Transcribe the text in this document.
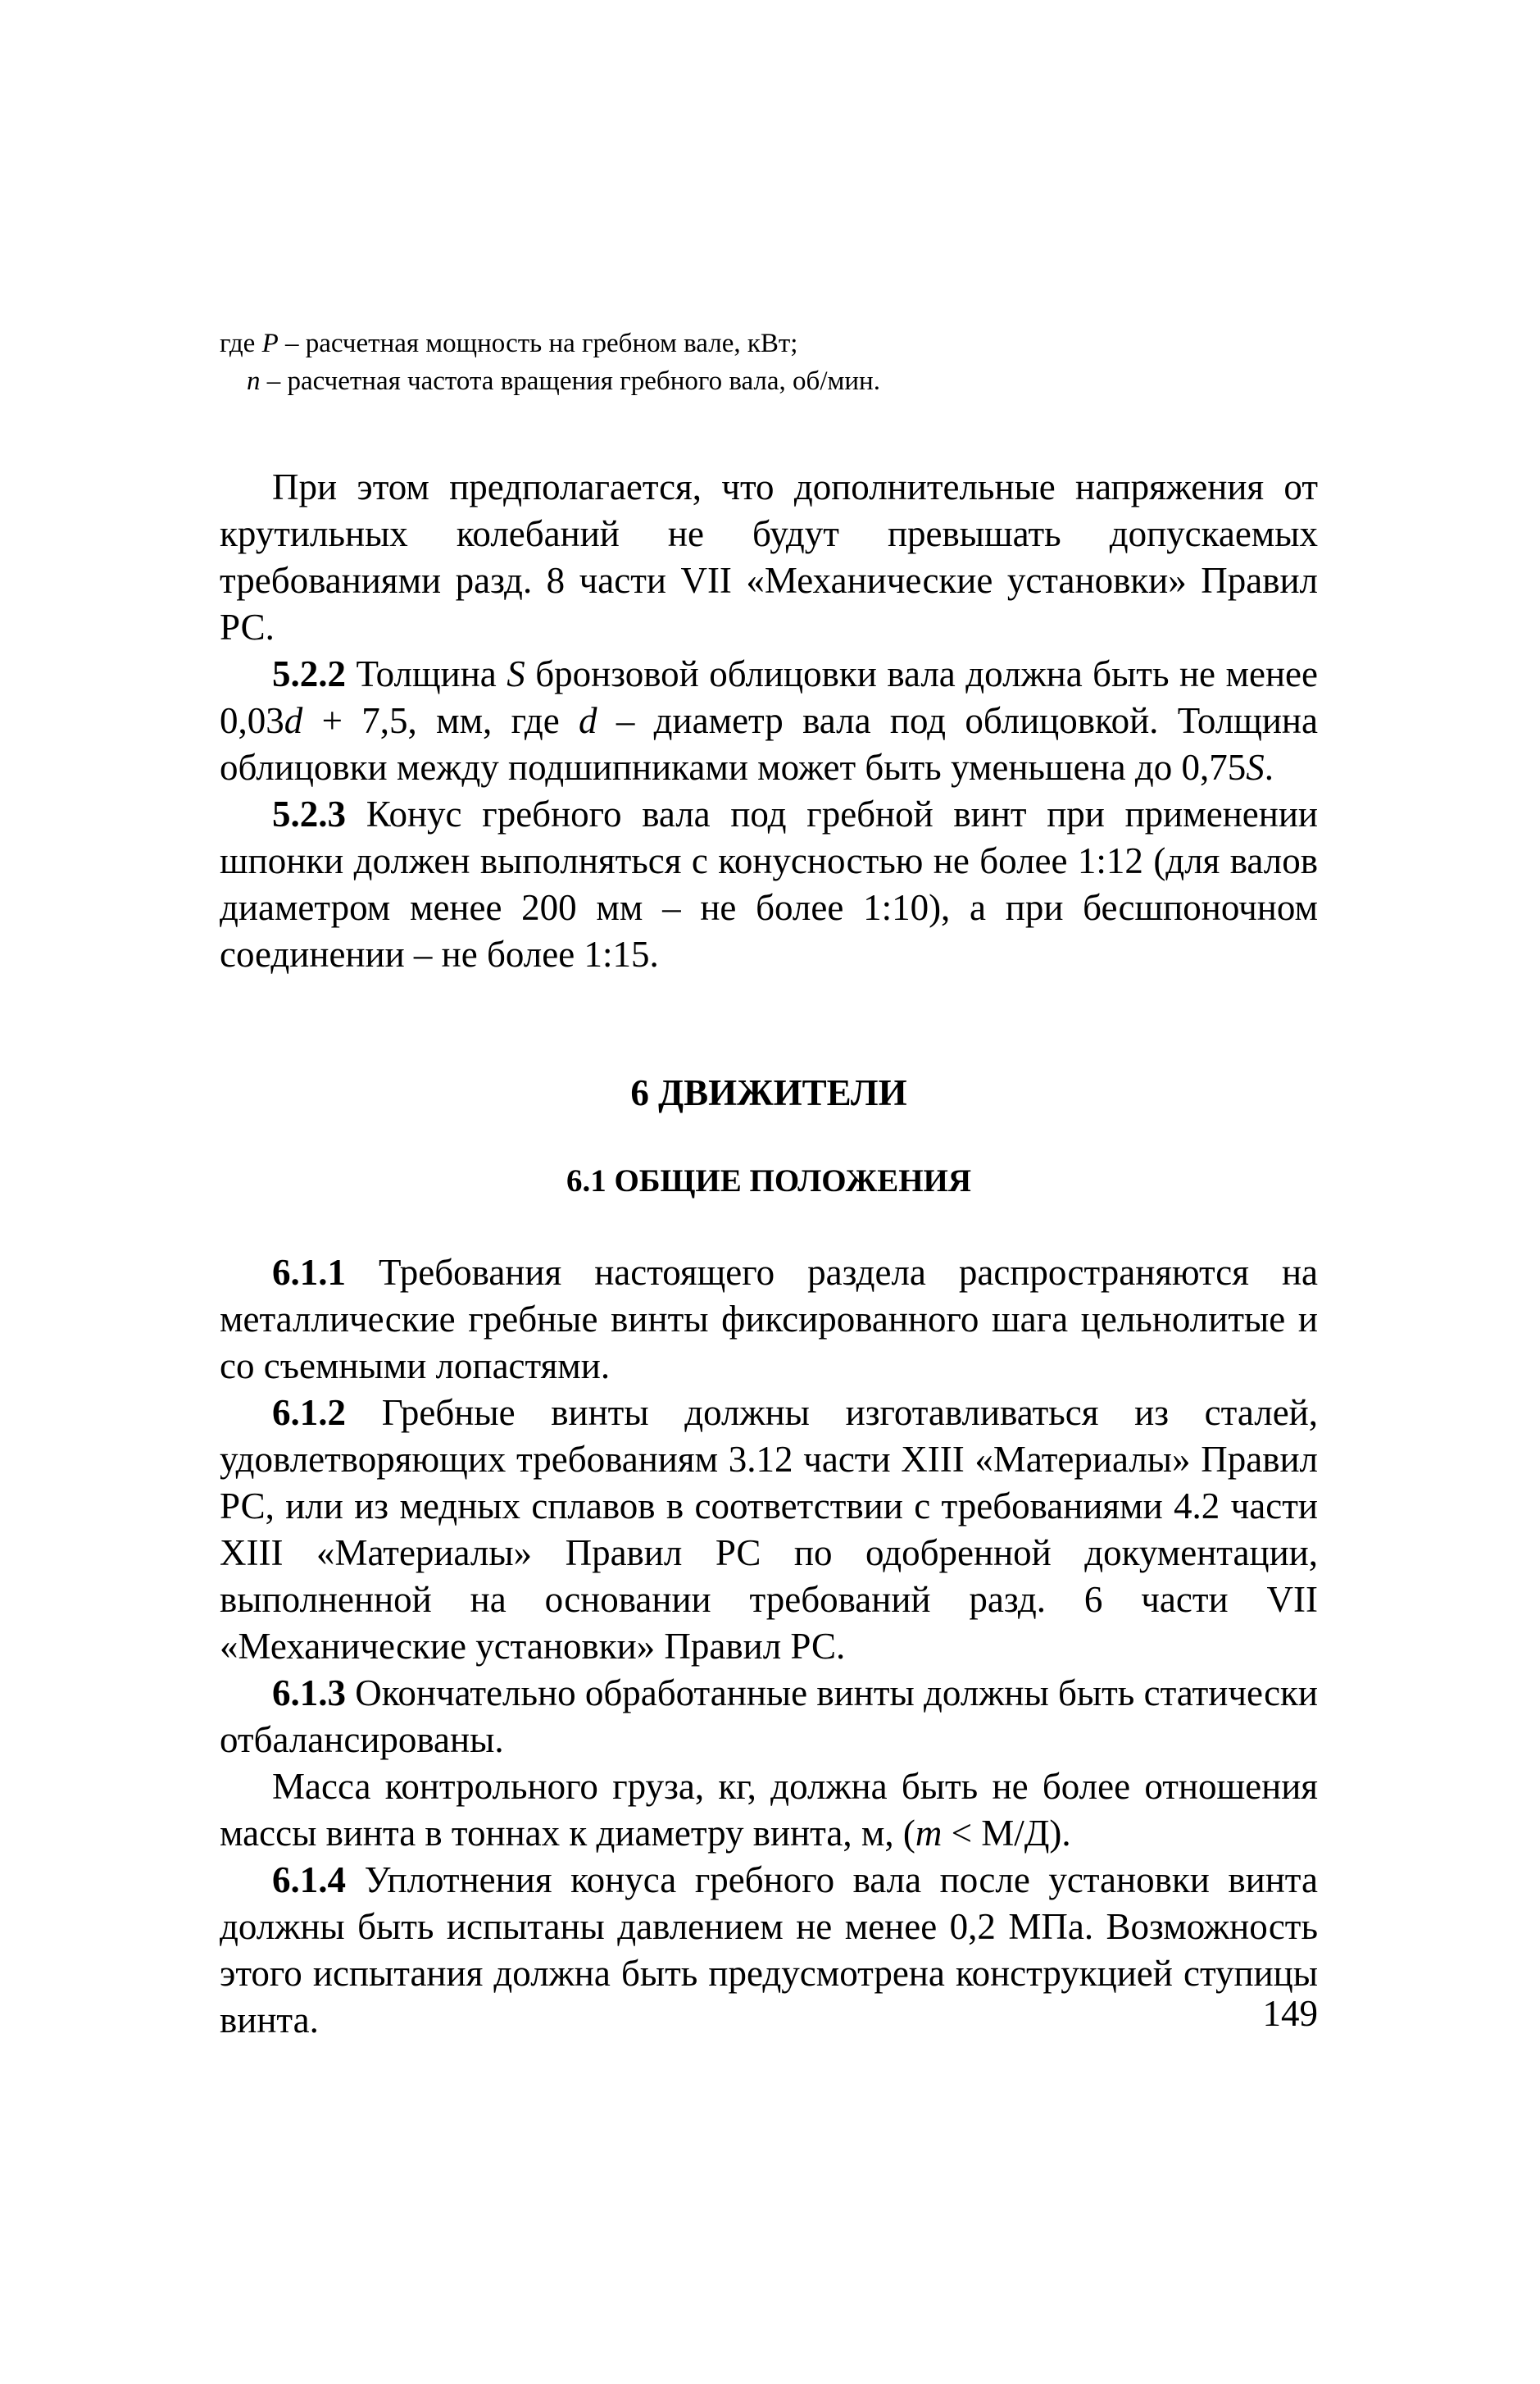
где P – расчетная мощность на гребном вале, кВт;

n – расчетная частота вращения гребного вала, об/мин.

При этом предполагается, что дополнительные напряжения от крутильных колебаний не будут превышать допускаемых требованиями разд. 8 части VII «Механические установки» Правил РС.

5.2.2 Толщина S бронзовой облицовки вала должна быть не менее 0,03d + 7,5, мм, где d – диаметр вала под облицовкой. Толщина облицовки между подшипниками может быть уменьшена до 0,75S.

5.2.3 Конус гребного вала под гребной винт при применении шпонки должен выполняться с конусностью не более 1:12 (для валов диаметром менее 200 мм – не более 1:10), а при бесшпоночном соединении – не более 1:15.

6 ДВИЖИТЕЛИ
6.1 ОБЩИЕ ПОЛОЖЕНИЯ

6.1.1 Требования настоящего раздела распространяются на металлические гребные винты фиксированного шага цельнолитые и со съемными лопастями.

6.1.2 Гребные винты должны изготавливаться из сталей, удовлетворяющих требованиям 3.12 части XIII «Материалы» Правил РС, или из медных сплавов в соответствии с требованиями 4.2 части XIII «Материалы» Правил РС по одобренной документации, выполненной на основании требований разд. 6 части VII «Механические установки» Правил РС.

6.1.3 Окончательно обработанные винты должны быть статически отбалансированы.

Масса контрольного груза, кг, должна быть не более отношения массы винта в тоннах к диаметру винта, м, (m < М/Д).

6.1.4 Уплотнения конуса гребного вала после установки винта должны быть испытаны давлением не менее 0,2 МПа. Возможность этого испытания должна быть предусмотрена конструкцией ступицы винта.	149
